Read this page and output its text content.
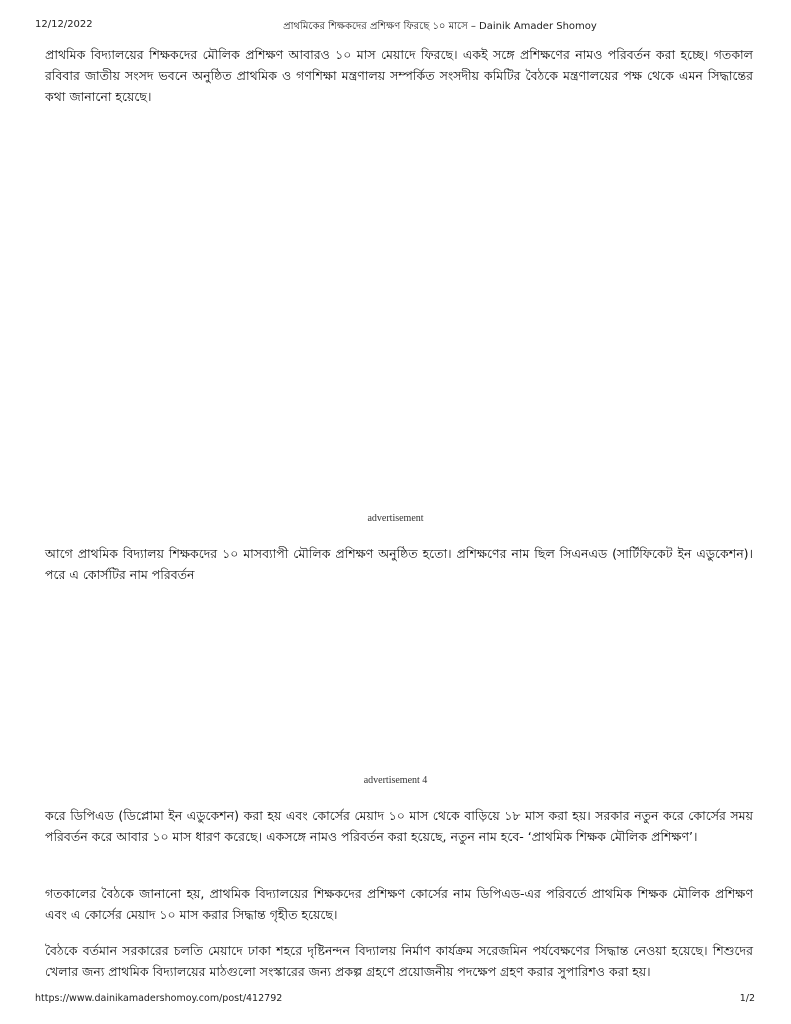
12/12/2022	প্রাথমিকের শিক্ষকদের প্রশিক্ষণ ফিরছে ১০ মাসে – Dainik Amader Shomoy

প্রাথমিক বিদ্যালয়ের শিক্ষকদের মৌলিক প্রশিক্ষণ আবারও ১০ মাস মেয়াদে ফিরছে। একই সঙ্গে প্রশিক্ষণের নামও পরিবর্তন করা হচ্ছে। গতকাল রবিবার জাতীয় সংসদ ভবনে অনুষ্ঠিত প্রাথমিক ও গণশিক্ষা মন্ত্রণালয় সম্পর্কিত সংসদীয় কমিটির বৈঠকে মন্ত্রণালয়ের পক্ষ থেকে এমন সিদ্ধান্তের কথা জানানো হয়েছে।

advertisement

আগে প্রাথমিক বিদ্যালয় শিক্ষকদের ১০ মাসব্যাপী মৌলিক প্রশিক্ষণ অনুষ্ঠিত হতো। প্রশিক্ষণের নাম ছিল সিএনএড (সার্টিফিকেট ইন এডুকেশন)। পরে এ কোর্সটির নাম পরিবর্তন

advertisement 4

করে ডিপিএড (ডিপ্লোমা ইন এডুকেশন) করা হয় এবং কোর্সের মেয়াদ ১০ মাস থেকে বাড়িয়ে ১৮ মাস করা হয়। সরকার নতুন করে কোর্সের সময় পরিবর্তন করে আবার ১০ মাস ধারণ করেছে। একসঙ্গে নামও পরিবর্তন করা হয়েছে, নতুন নাম হবে- ‘প্রাথমিক শিক্ষক মৌলিক প্রশিক্ষণ’।

গতকালের বৈঠকে জানানো হয়, প্রাথমিক বিদ্যালয়ের শিক্ষকদের প্রশিক্ষণ কোর্সের নাম ডিপিএড-এর পরিবর্তে প্রাথমিক শিক্ষক মৌলিক প্রশিক্ষণ এবং এ কোর্সের মেয়াদ ১০ মাস করার সিদ্ধান্ত গৃহীত হয়েছে।

বৈঠকে বর্তমান সরকারের চলতি মেয়াদে ঢাকা শহরে দৃষ্টিনন্দন বিদ্যালয় নির্মাণ কার্যক্রম সরেজমিন পর্যবেক্ষণের সিদ্ধান্ত নেওয়া হয়েছে। শিশুদের খেলার জন্য প্রাথমিক বিদ্যালয়ের মাঠগুলো সংস্কারের জন্য প্রকল্প গ্রহণে প্রয়োজনীয় পদক্ষেপ গ্রহণ করার সুপারিশও করা হয়।

https://www.dainikamadershomoy.com/post/412792	1/2
